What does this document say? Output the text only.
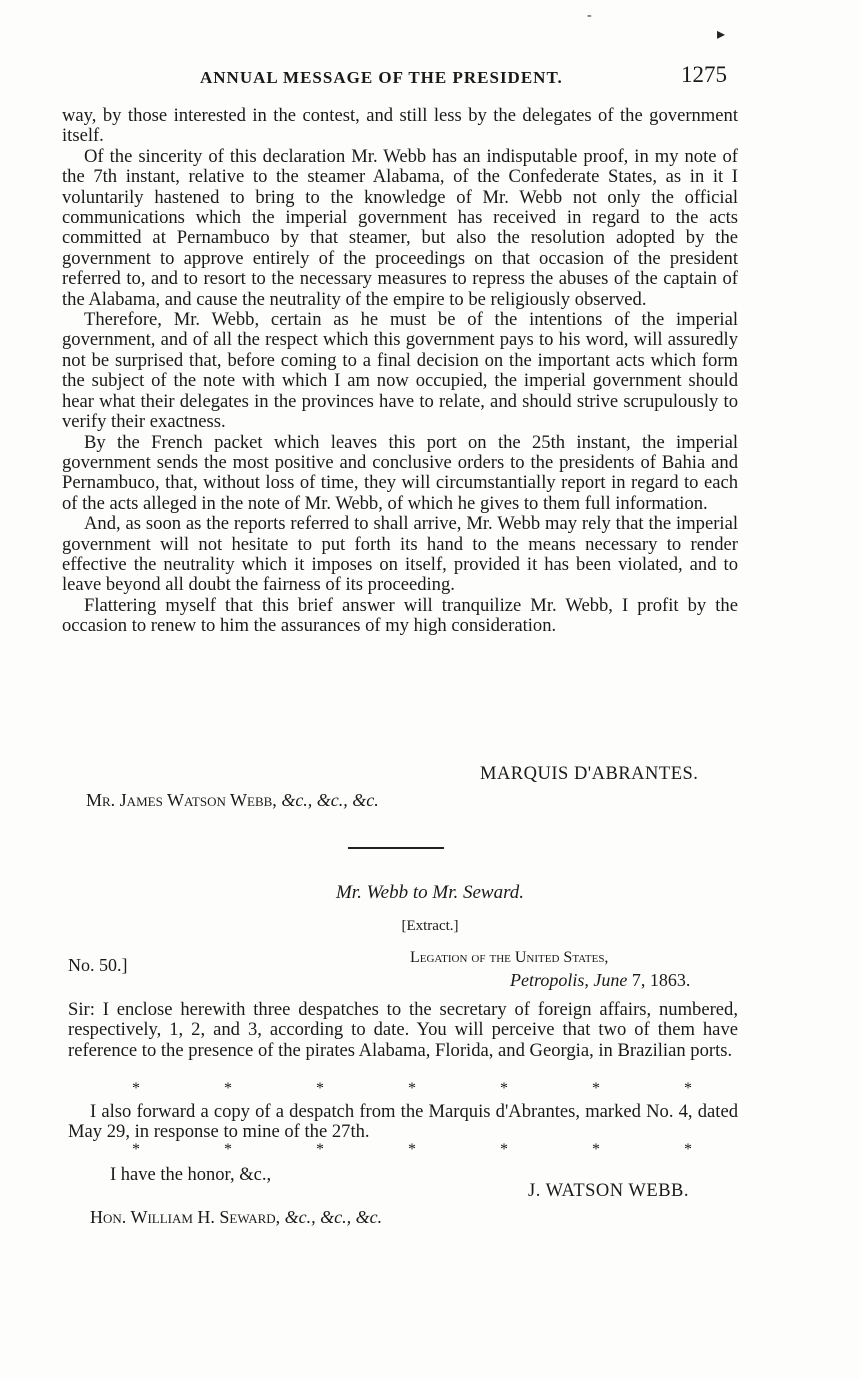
-
▸
ANNUAL MESSAGE OF THE PRESIDENT.	1275

way, by those interested in the contest, and still less by the delegates of the government itself.

Of the sincerity of this declaration Mr. Webb has an indisputable proof, in my note of the 7th instant, relative to the steamer Alabama, of the Confederate States, as in it I voluntarily hastened to bring to the knowledge of Mr. Webb not only the official communications which the imperial government has received in regard to the acts committed at Pernambuco by that steamer, but also the resolution adopted by the government to approve entirely of the proceedings on that occasion of the president referred to, and to resort to the necessary measures to repress the abuses of the captain of the Alabama, and cause the neutrality of the empire to be religiously observed.

Therefore, Mr. Webb, certain as he must be of the intentions of the imperial government, and of all the respect which this government pays to his word, will assuredly not be surprised that, before coming to a final decision on the important acts which form the subject of the note with which I am now occupied, the imperial government should hear what their delegates in the provinces have to relate, and should strive scrupulously to verify their exactness.

By the French packet which leaves this port on the 25th instant, the imperial government sends the most positive and conclusive orders to the presidents of Bahia and Pernambuco, that, without loss of time, they will circumstantially report in regard to each of the acts alleged in the note of Mr. Webb, of which he gives to them full information.

And, as soon as the reports referred to shall arrive, Mr. Webb may rely that the imperial government will not hesitate to put forth its hand to the means necessary to render effective the neutrality which it imposes on itself, provided it has been violated, and to leave beyond all doubt the fairness of its proceeding.

Flattering myself that this brief answer will tranquilize Mr. Webb, I profit by the occasion to renew to him the assurances of my high consideration.

MARQUIS D'ABRANTES.
Mr. James Watson Webb, &c., &c., &c.
Mr. Webb to Mr. Seward.
[Extract.]
No. 50.]	Legation of the United States,
Petropolis, June 7, 1863.

Sir: I enclose herewith three despatches to the secretary of foreign affairs, numbered, respectively, 1, 2, and 3, according to date. You will perceive that two of them have reference to the presence of the pirates Alabama, Florida, and Georgia, in Brazilian ports.

*	*	*	*	*	*	*

I also forward a copy of a despatch from the Marquis d'Abrantes, marked No. 4, dated May 29, in response to mine of the 27th.

*	*	*	*	*	*	*
I have the honor, &c.,
J. WATSON WEBB.
Hon. William H. Seward, &c., &c., &c.
